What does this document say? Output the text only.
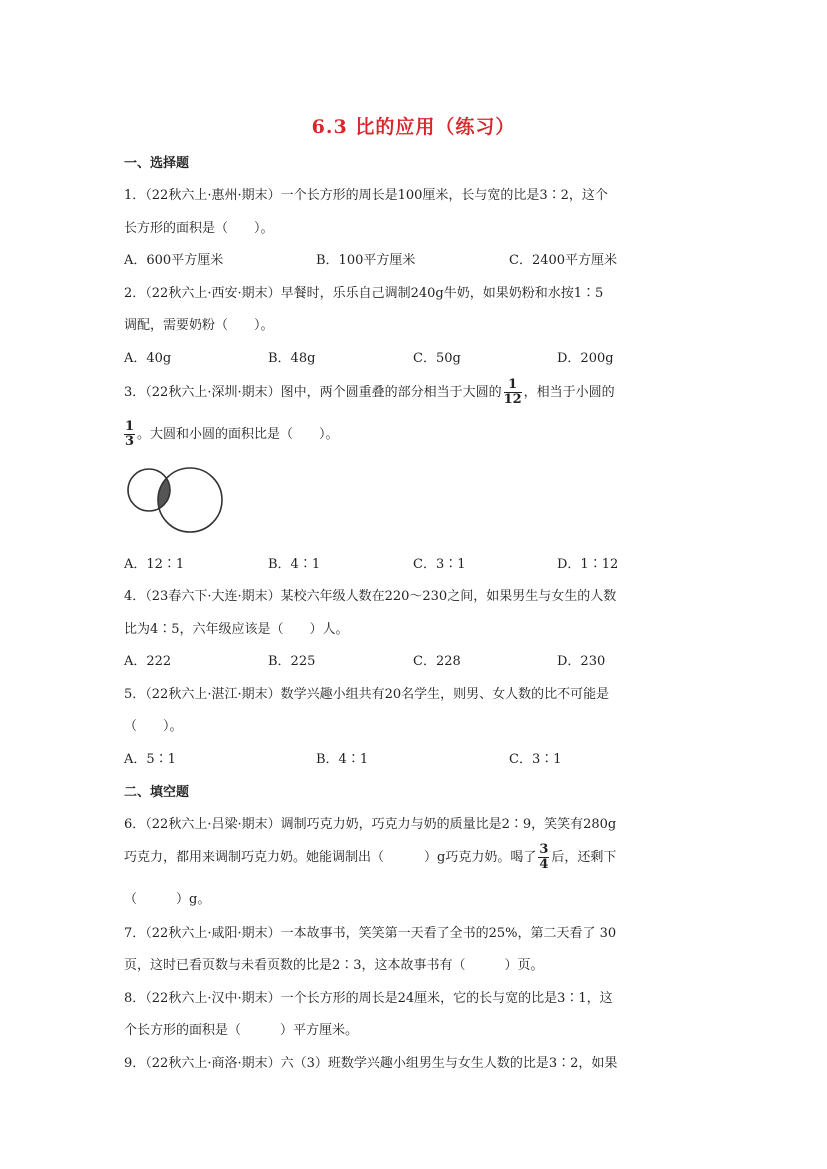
6.3 比的应用（练习）
一、选择题
1．（22秋六上·惠州·期末）一个长方形的周长是100厘米，长与宽的比是3∶2，这个
长方形的面积是（　　）。
A．600平方厘米	B．100平方厘米	C．2400平方厘米
2．（22秋六上·西安·期末）早餐时，乐乐自己调制240g牛奶，如果奶粉和水按1∶5
调配，需要奶粉（　　）。
A．40g	B．48g	C．50g	D．200g
3．（22秋六上·深圳·期末）图中，两个圆重叠的部分相当于大圆的 $\frac{1}{12}$ ，相当于小圆的
$\frac{1}{3}$ 。大圆和小圆的面积比是（　　）。
A．12∶1	B．4∶1	C．3∶1	D．1∶12
4．（23春六下·大连·期末）某校六年级人数在220～230之间，如果男生与女生的人数
比为4∶5，六年级应该是（　　）人。
A．222	B．225	C．228	D．230
5．（22秋六上·湛江·期末）数学兴趣小组共有20名学生，则男、女人数的比不可能是
（　　）。
A．5∶1	B．4∶1	C．3∶1
二、填空题
6．（22秋六上·吕梁·期末）调制巧克力奶，巧克力与奶的质量比是2∶9，笑笑有280g
巧克力，都用来调制巧克力奶。她能调制出（	）g巧克力奶。喝了 $\frac{3}{4}$ 后，还剩下
（　　　）g。
7．（22秋六上·咸阳·期末）一本故事书，笑笑第一天看了全书的25%，第二天看了 30
页，这时已看页数与未看页数的比是2∶3，这本故事书有（　　　）页。
8．（22秋六上·汉中·期末）一个长方形的周长是24厘米，它的长与宽的比是3∶1，这
个长方形的面积是（　　　）平方厘米。
9．（22秋六上·商洛·期末）六（3）班数学兴趣小组男生与女生人数的比是3∶2，如果
